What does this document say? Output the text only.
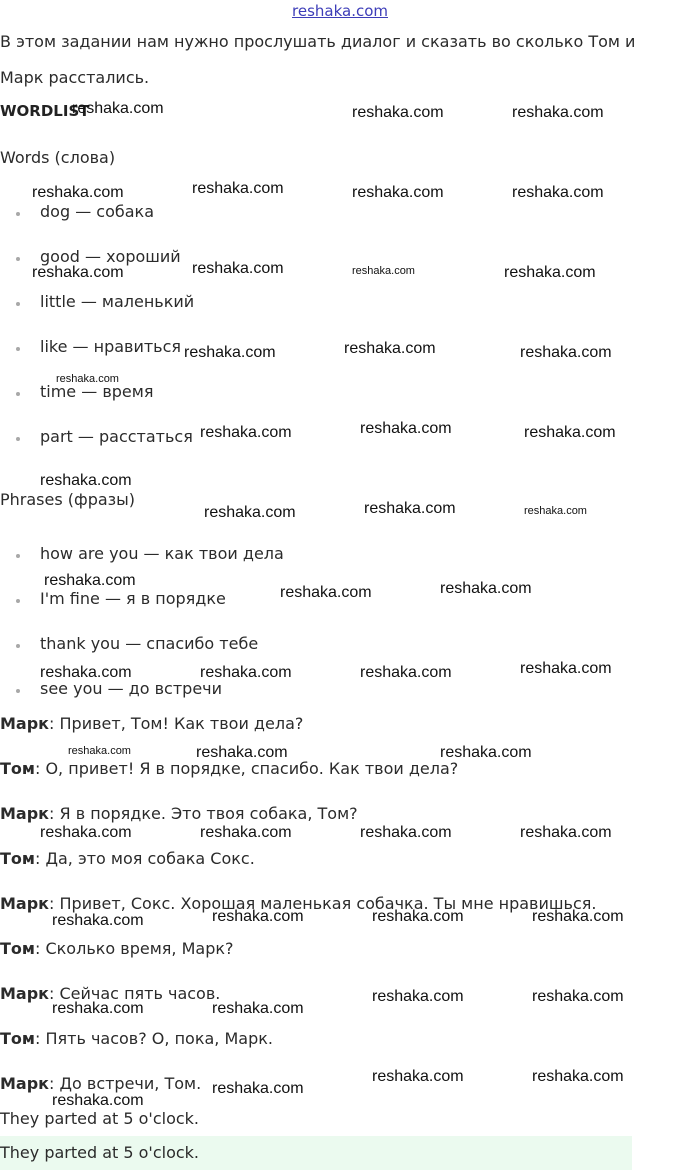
reshaka.com
В этом задании нам нужно прослушать диалог и сказать во сколько Том и
Марк расстались.
WORDLIST
Words (слова)
dog — собака
good — хороший
little — маленький
like — нравиться
time — время
part — расстаться
Phrases (фразы)
how are you — как твои дела
I'm fine — я в порядке
thank you — спасибо тебе
see you — до встречи
Марк: Привет, Том! Как твои дела?
Том: О, привет! Я в порядке, спасибо. Как твои дела?
Марк: Я в порядке. Это твоя собака, Том?
Том: Да, это моя собака Сокс.
Марк: Привет, Сокс. Хорошая маленькая собачка. Ты мне нравишься.
Том: Сколько время, Марк?
Марк: Сейчас пять часов.
Том: Пять часов? О, пока, Марк.
Марк: До встречи, Том.
They parted at 5 o'clock.
They parted at 5 o'clock.
reshaka.com	reshaka.com	reshaka.com
reshaka.com	reshaka.com	reshaka.com	reshaka.com
reshaka.com	reshaka.com	reshaka.com	reshaka.com
reshaka.com	reshaka.com	reshaka.com
reshaka.com
reshaka.com	reshaka.com	reshaka.com
reshaka.com
reshaka.com	reshaka.com	reshaka.com
reshaka.com
reshaka.com	reshaka.com
reshaka.com	reshaka.com	reshaka.com	reshaka.com
reshaka.com	reshaka.com	reshaka.com
reshaka.com	reshaka.com	reshaka.com	reshaka.com
reshaka.com	reshaka.com	reshaka.com	reshaka.com
reshaka.com	reshaka.com
reshaka.com	reshaka.com
reshaka.com	reshaka.com
reshaka.com
reshaka.com
